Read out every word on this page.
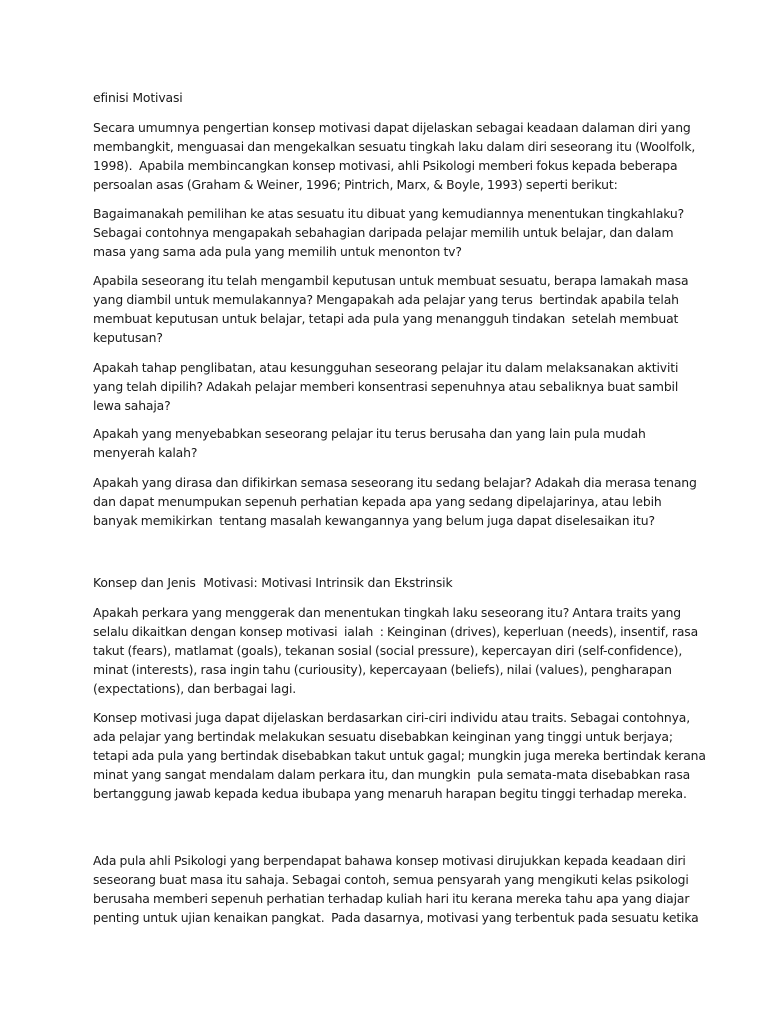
efinisi Motivasi
Secara umumnya pengertian konsep motivasi dapat dijelaskan sebagai keadaan dalaman diri yang
membangkit, menguasai dan mengekalkan sesuatu tingkah laku dalam diri seseorang itu (Woolfolk,
1998).  Apabila membincangkan konsep motivasi, ahli Psikologi memberi fokus kepada beberapa
persoalan asas (Graham & Weiner, 1996; Pintrich, Marx, & Boyle, 1993) seperti berikut:
Bagaimanakah pemilihan ke atas sesuatu itu dibuat yang kemudiannya menentukan tingkahlaku?
Sebagai contohnya mengapakah sebahagian daripada pelajar memilih untuk belajar, dan dalam
masa yang sama ada pula yang memilih untuk menonton tv?
Apabila seseorang itu telah mengambil keputusan untuk membuat sesuatu, berapa lamakah masa
yang diambil untuk memulakannya? Mengapakah ada pelajar yang terus  bertindak apabila telah
membuat keputusan untuk belajar, tetapi ada pula yang menangguh tindakan  setelah membuat
keputusan?
Apakah tahap penglibatan, atau kesungguhan seseorang pelajar itu dalam melaksanakan aktiviti
yang telah dipilih? Adakah pelajar memberi konsentrasi sepenuhnya atau sebaliknya buat sambil
lewa sahaja?
Apakah yang menyebabkan seseorang pelajar itu terus berusaha dan yang lain pula mudah
menyerah kalah?
Apakah yang dirasa dan difikirkan semasa seseorang itu sedang belajar? Adakah dia merasa tenang
dan dapat menumpukan sepenuh perhatian kepada apa yang sedang dipelajarinya, atau lebih
banyak memikirkan  tentang masalah kewangannya yang belum juga dapat diselesaikan itu?
Konsep dan Jenis  Motivasi: Motivasi Intrinsik dan Ekstrinsik
Apakah perkara yang menggerak dan menentukan tingkah laku seseorang itu? Antara traits yang
selalu dikaitkan dengan konsep motivasi  ialah  : Keinginan (drives), keperluan (needs), insentif, rasa
takut (fears), matlamat (goals), tekanan sosial (social pressure), kepercayan diri (self-confidence),
minat (interests), rasa ingin tahu (curiousity), kepercayaan (beliefs), nilai (values), pengharapan
(expectations), dan berbagai lagi.
Konsep motivasi juga dapat dijelaskan berdasarkan ciri-ciri individu atau traits. Sebagai contohnya,
ada pelajar yang bertindak melakukan sesuatu disebabkan keinginan yang tinggi untuk berjaya;
tetapi ada pula yang bertindak disebabkan takut untuk gagal; mungkin juga mereka bertindak kerana
minat yang sangat mendalam dalam perkara itu, dan mungkin  pula semata-mata disebabkan rasa
bertanggung jawab kepada kedua ibubapa yang menaruh harapan begitu tinggi terhadap mereka.
Ada pula ahli Psikologi yang berpendapat bahawa konsep motivasi dirujukkan kepada keadaan diri
seseorang buat masa itu sahaja. Sebagai contoh, semua pensyarah yang mengikuti kelas psikologi
berusaha memberi sepenuh perhatian terhadap kuliah hari itu kerana mereka tahu apa yang diajar
penting untuk ujian kenaikan pangkat.  Pada dasarnya, motivasi yang terbentuk pada sesuatu ketika
